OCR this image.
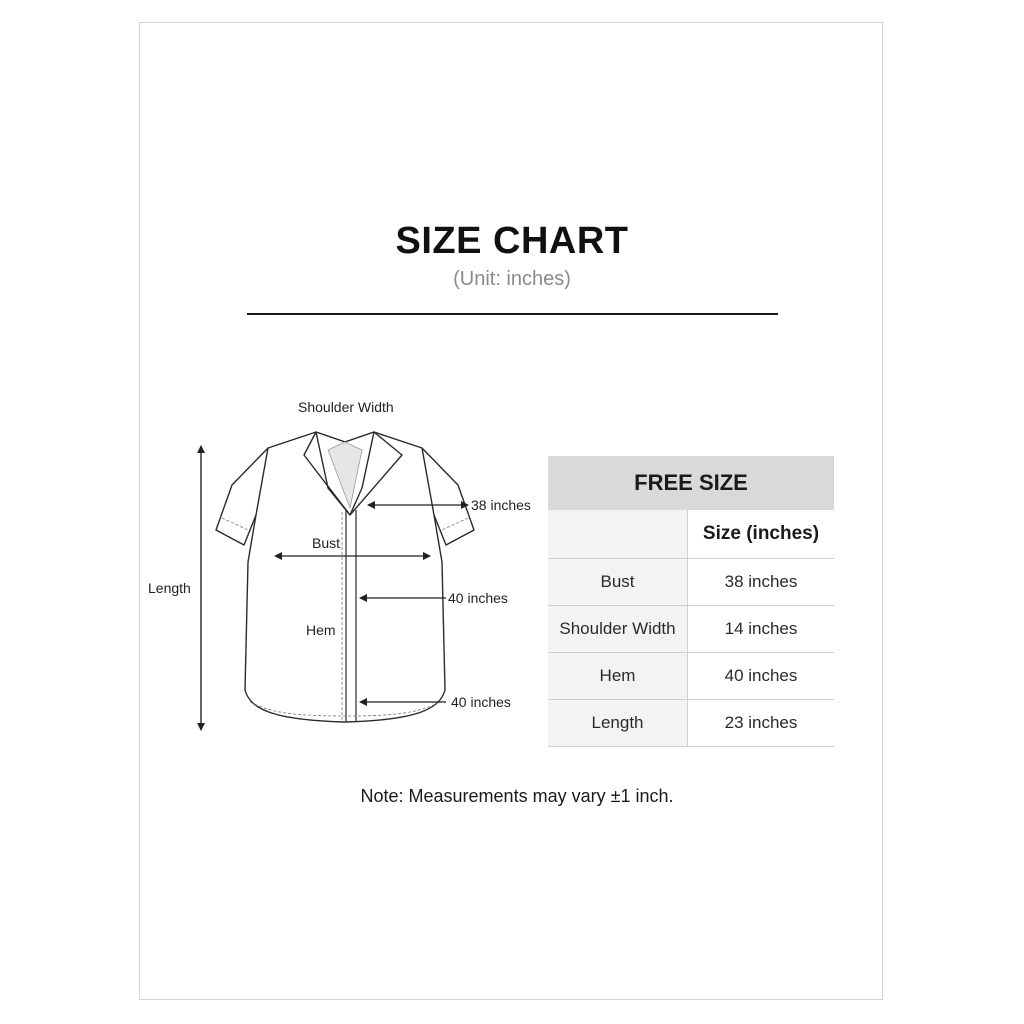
SIZE CHART
(Unit: inches)
Length
Shoulder Width
Bust
Hem
38 inches
40 inches
40 inches
FREE SIZE	
	Size (inches)
Bust	38 inches
Shoulder Width	14 inches
Hem	40 inches
Length	23 inches
Note: Measurements may vary ±1 inch.
